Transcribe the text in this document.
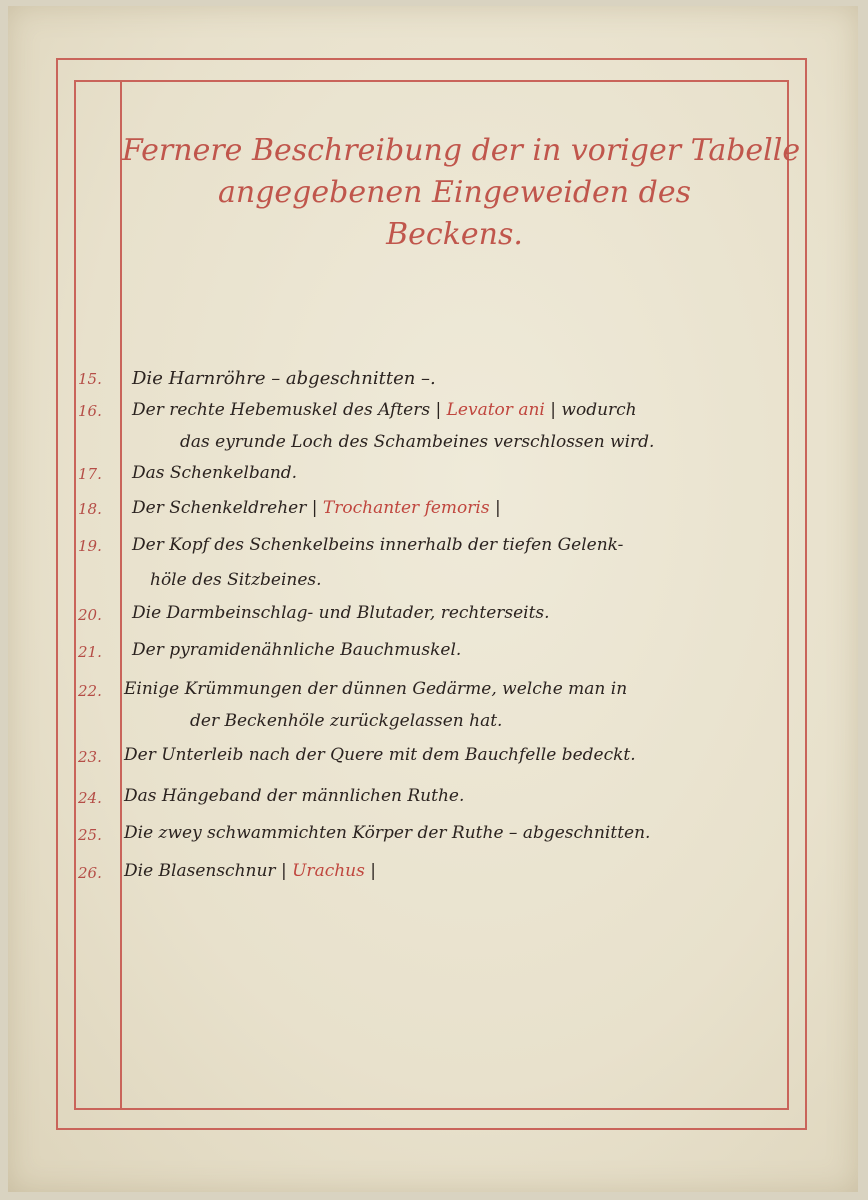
Fernere Beschreibung der in voriger Tabelle
angegebenen Eingeweiden des
Beckens.
15.	Die Harnröhre – abgeschnitten –.
16.	Der rechte Hebemuskel des Afters | Levator ani | wodurch
das eyrunde Loch des Schambeines verschlossen wird.
17.	Das Schenkelband.
18.	Der Schenkeldreher | Trochanter femoris |
19.	Der Kopf des Schenkelbeins innerhalb der tiefen Gelenk-
höle des Sitzbeines.
20.	Die Darmbeinschlag- und Blutader, rechterseits.
21.	Der pyramidenähnliche Bauchmuskel.
22.	Einige Krümmungen der dünnen Gedärme, welche man in
der Beckenhöle zurückgelassen hat.
23.	Der Unterleib nach der Quere mit dem Bauchfelle bedeckt.
24.	Das Hängeband der männlichen Ruthe.
25.	Die zwey schwammichten Körper der Ruthe – abgeschnitten.
26.	Die Blasenschnur | Urachus |
